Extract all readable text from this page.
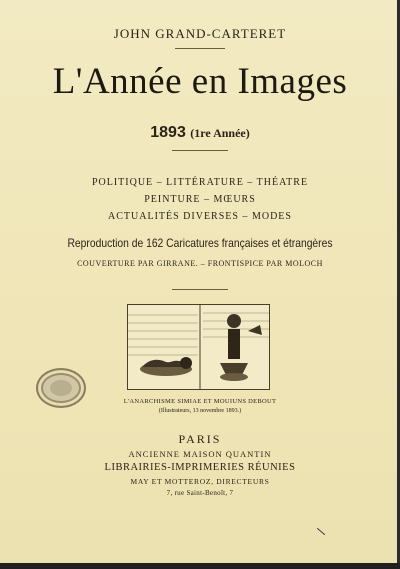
JOHN GRAND-CARTERET
L'Année en Images
1893 (1re Année)
POLITIQUE – LITTÉRATURE – THÉATRE
PEINTURE – MŒURS
ACTUALITÉS DIVERSES – MODES
Reproduction de 162 Caricatures françaises et étrangères
COUVERTURE PAR GIRRANE. – FRONTISPICE PAR MOLOCH
L'ANARCHISME SIMIAE ET MOUIUNS DEBOUT
(Illustrateurs, 13 novembre 1893.)
PARIS
ANCIENNE MAISON QUANTIN
LIBRAIRIES-IMPRIMERIES RÉUNIES
MAY ET MOTTEROZ, DIRECTEURS
7, rue Saint-Benoît, 7
